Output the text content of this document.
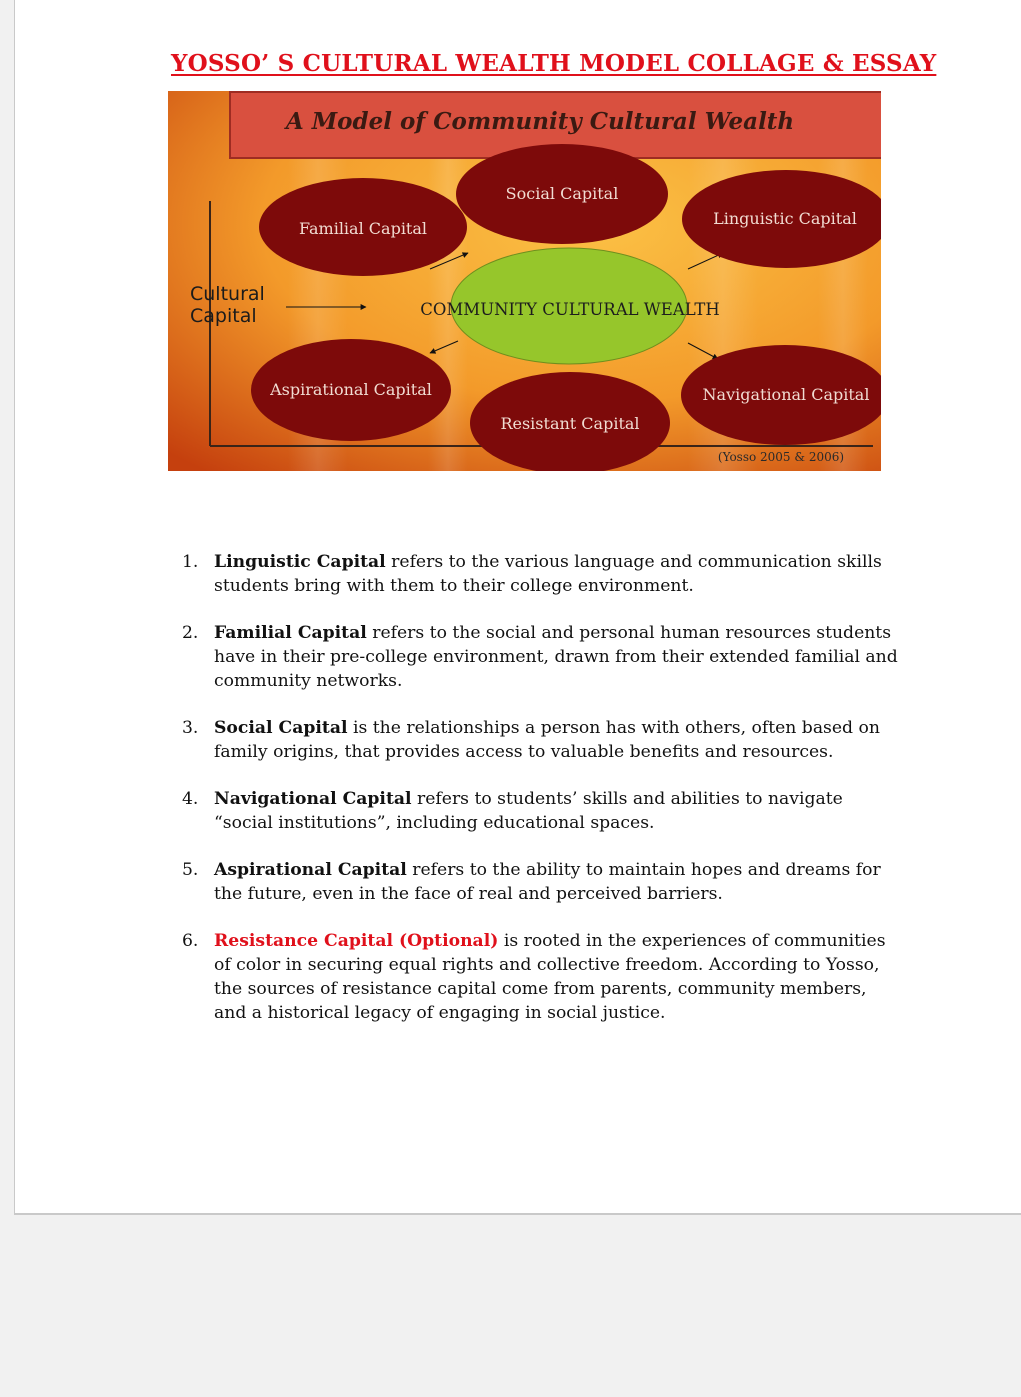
YOSSO’ S CULTURAL WEALTH MODEL COLLAGE & ESSAY
A Model of Community Cultural Wealth
Social Capital
Familial Capital
Linguistic Capital
Aspirational Capital
Resistant Capital
Navigational Capital
COMMUNITY CULTURAL WEALTH
Cultural
Capital
(Yosso 2005 & 2006)
1. Linguistic Capital refers to the various language and communication skills students bring with them to their college environment.
2. Familial Capital refers to the social and personal human resources students have in their pre-college environment, drawn from their extended familial and community networks.
3. Social Capital is the relationships a person has with others, often based on family origins, that provides access to valuable benefits and resources.
4. Navigational Capital refers to students’ skills and abilities to navigate “social institutions”, including educational spaces.
5. Aspirational Capital refers to the ability to maintain hopes and dreams for the future, even in the face of real and perceived barriers.
6. Resistance Capital (Optional) is rooted in the experiences of communities of color in securing equal rights and collective freedom. According to Yosso, the sources of resistance capital come from parents, community members, and a historical legacy of engaging in social justice.
